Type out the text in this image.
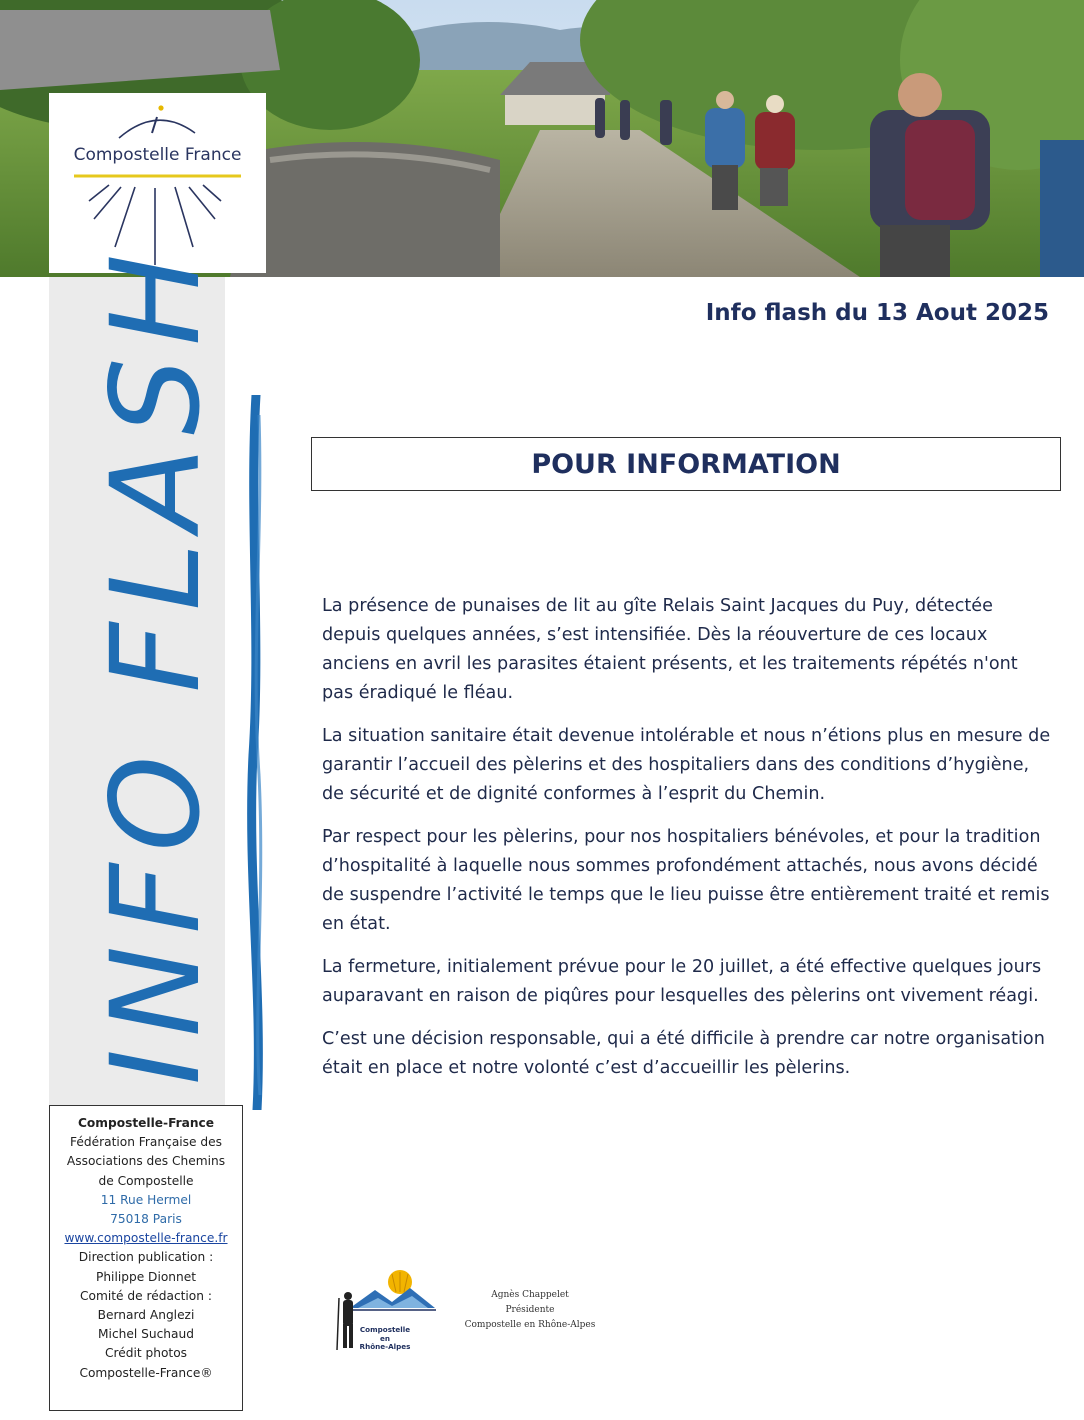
Compostelle France
INFO FLASH	Info flash du 13 Aout 2025
POUR INFORMATION

La présence de punaises de lit au gîte Relais Saint Jacques du Puy, détectée depuis quelques années, s’est intensifiée. Dès la réouverture de ces locaux anciens en avril les parasites étaient présents, et les traitements répétés n'ont pas éradiqué le fléau.

La situation sanitaire était devenue intolérable et nous n’étions plus en mesure de garantir l’accueil des pèlerins et des hospitaliers dans des conditions d’hygiène, de sécurité et de dignité conformes à l’esprit du Chemin.

Par respect pour les pèlerins, pour nos hospitaliers bénévoles, et pour la tradition d’hospitalité à laquelle nous sommes profondément attachés, nous avons décidé de suspendre l’activité le temps que le lieu puisse être entièrement traité et remis en état.

La fermeture, initialement prévue pour le 20 juillet, a été effective quelques jours auparavant en raison de piqûres pour lesquelles des pèlerins ont vivement réagi.

C’est une décision responsable, qui a été difficile à prendre car notre organisation était en place et notre volonté c’est d’accueillir les pèlerins.

Compostelle-France
Fédération Française des
Associations des Chemins
de Compostelle
11 Rue Hermel
75018 Paris
www.compostelle-france.fr
Direction publication :
Philippe Dionnet
Comité de rédaction :
Bernard Anglezi
Michel Suchaud
Crédit photos
Compostelle-France®
Compostelle
en
Rhône-Alpes
Agnès Chappelet
Présidente
Compostelle en Rhône-Alpes
